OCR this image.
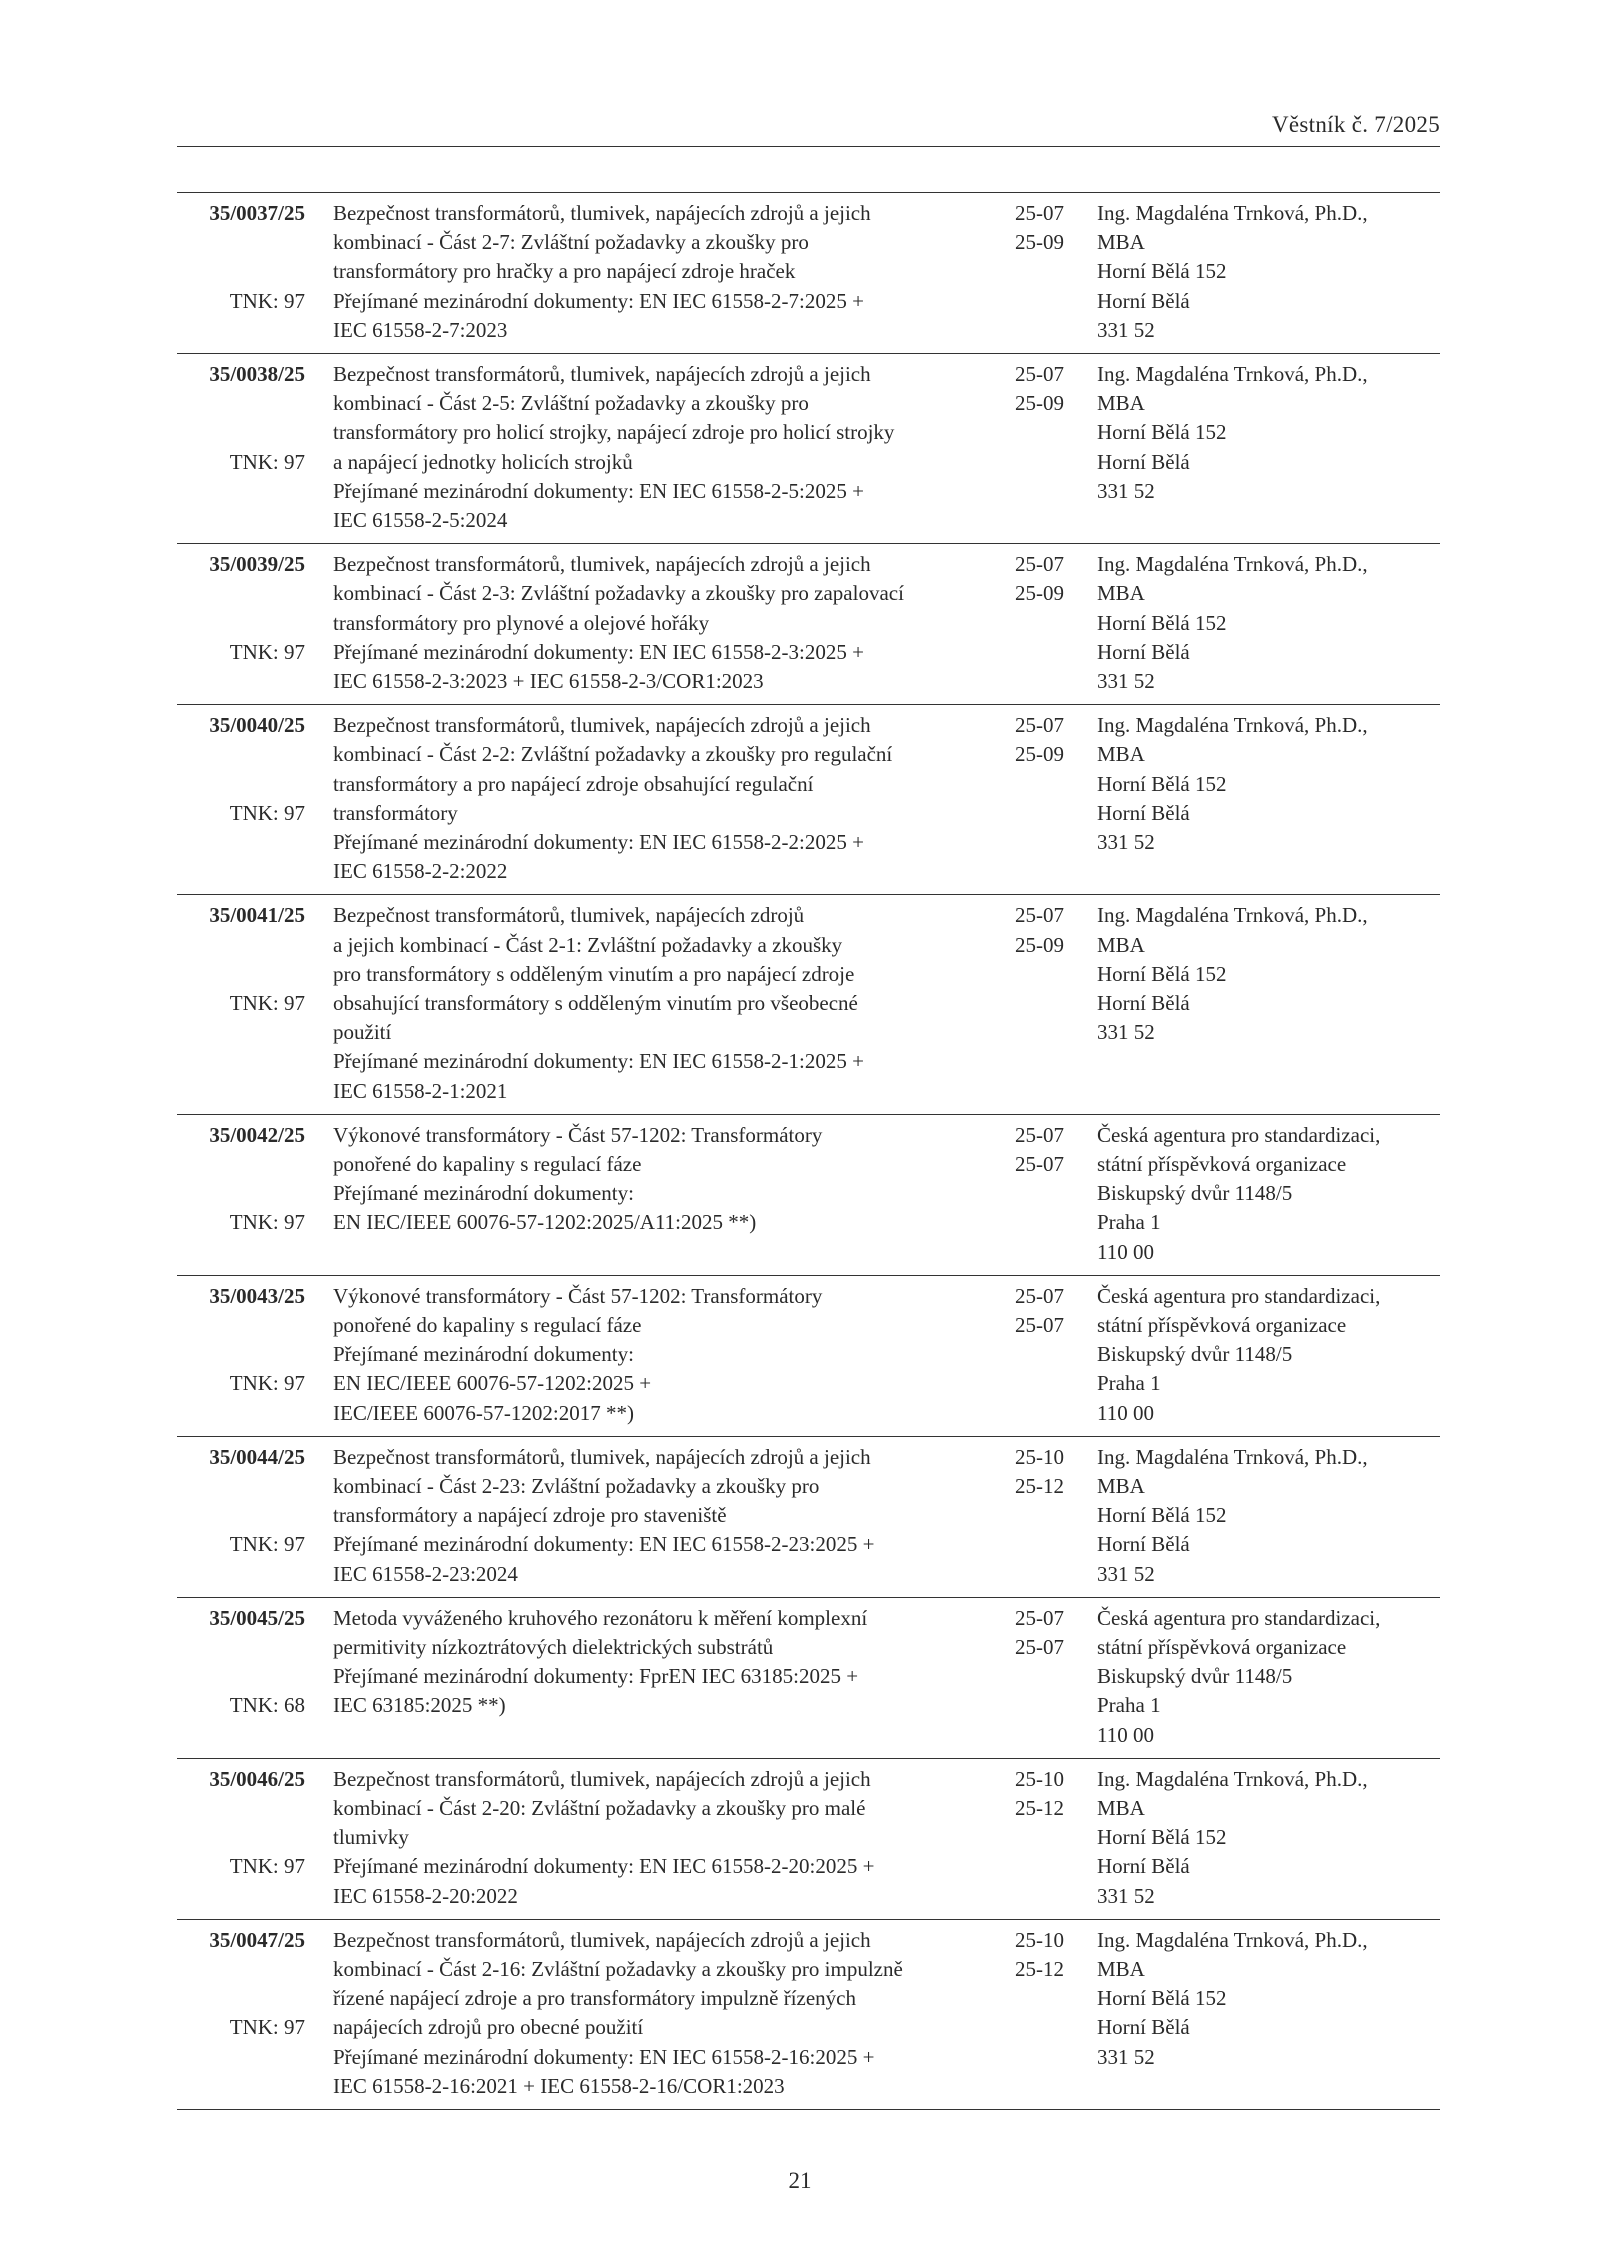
Věstník č. 7/2025
35/0037/25
TNK: 97
Bezpečnost transformátorů, tlumivek, napájecích zdrojů a jejich
kombinací - Část 2-7: Zvláštní požadavky a zkoušky pro
transformátory pro hračky a pro napájecí zdroje hraček
Přejímané mezinárodní dokumenty: EN IEC 61558-2-7:2025 +
IEC 61558-2-7:2023
25-07
25-09
Ing. Magdaléna Trnková, Ph.D.,
MBA
Horní Bělá 152
Horní Bělá
331 52
35/0038/25
TNK: 97
Bezpečnost transformátorů, tlumivek, napájecích zdrojů a jejich
kombinací - Část 2-5: Zvláštní požadavky a zkoušky pro
transformátory pro holicí strojky, napájecí zdroje pro holicí strojky
a napájecí jednotky holicích strojků
Přejímané mezinárodní dokumenty: EN IEC 61558-2-5:2025 +
IEC 61558-2-5:2024
25-07
25-09
Ing. Magdaléna Trnková, Ph.D.,
MBA
Horní Bělá 152
Horní Bělá
331 52
35/0039/25
TNK: 97
Bezpečnost transformátorů, tlumivek, napájecích zdrojů a jejich
kombinací - Část 2-3: Zvláštní požadavky a zkoušky pro zapalovací
transformátory pro plynové a olejové hořáky
Přejímané mezinárodní dokumenty: EN IEC 61558-2-3:2025 +
IEC 61558-2-3:2023 + IEC 61558-2-3/COR1:2023
25-07
25-09
Ing. Magdaléna Trnková, Ph.D.,
MBA
Horní Bělá 152
Horní Bělá
331 52
35/0040/25
TNK: 97
Bezpečnost transformátorů, tlumivek, napájecích zdrojů a jejich
kombinací - Část 2-2: Zvláštní požadavky a zkoušky pro regulační
transformátory a pro napájecí zdroje obsahující regulační
transformátory
Přejímané mezinárodní dokumenty: EN IEC 61558-2-2:2025 +
IEC 61558-2-2:2022
25-07
25-09
Ing. Magdaléna Trnková, Ph.D.,
MBA
Horní Bělá 152
Horní Bělá
331 52
35/0041/25
TNK: 97
Bezpečnost transformátorů, tlumivek, napájecích zdrojů
a jejich kombinací - Část 2-1: Zvláštní požadavky a zkoušky
pro transformátory s odděleným vinutím a pro napájecí zdroje
obsahující transformátory s odděleným vinutím pro všeobecné
použití
Přejímané mezinárodní dokumenty: EN IEC 61558-2-1:2025 +
IEC 61558-2-1:2021
25-07
25-09
Ing. Magdaléna Trnková, Ph.D.,
MBA
Horní Bělá 152
Horní Bělá
331 52
35/0042/25
TNK: 97
Výkonové transformátory - Část 57-1202: Transformátory
ponořené do kapaliny s regulací fáze
Přejímané mezinárodní dokumenty:
EN IEC/IEEE 60076-57-1202:2025/A11:2025 **)
25-07
25-07
Česká agentura pro standardizaci,
státní příspěvková organizace
Biskupský dvůr 1148/5
Praha 1
110 00
35/0043/25
TNK: 97
Výkonové transformátory - Část 57-1202: Transformátory
ponořené do kapaliny s regulací fáze
Přejímané mezinárodní dokumenty:
EN IEC/IEEE 60076-57-1202:2025 +
IEC/IEEE 60076-57-1202:2017 **)
25-07
25-07
Česká agentura pro standardizaci,
státní příspěvková organizace
Biskupský dvůr 1148/5
Praha 1
110 00
35/0044/25
TNK: 97
Bezpečnost transformátorů, tlumivek, napájecích zdrojů a jejich
kombinací - Část 2-23: Zvláštní požadavky a zkoušky pro
transformátory a napájecí zdroje pro staveniště
Přejímané mezinárodní dokumenty: EN IEC 61558-2-23:2025 +
IEC 61558-2-23:2024
25-10
25-12
Ing. Magdaléna Trnková, Ph.D.,
MBA
Horní Bělá 152
Horní Bělá
331 52
35/0045/25
TNK: 68
Metoda vyváženého kruhového rezonátoru k měření komplexní
permitivity nízkoztrátových dielektrických substrátů
Přejímané mezinárodní dokumenty: FprEN IEC 63185:2025 +
IEC 63185:2025 **)
25-07
25-07
Česká agentura pro standardizaci,
státní příspěvková organizace
Biskupský dvůr 1148/5
Praha 1
110 00
35/0046/25
TNK: 97
Bezpečnost transformátorů, tlumivek, napájecích zdrojů a jejich
kombinací - Část 2-20: Zvláštní požadavky a zkoušky pro malé
tlumivky
Přejímané mezinárodní dokumenty: EN IEC 61558-2-20:2025 +
IEC 61558-2-20:2022
25-10
25-12
Ing. Magdaléna Trnková, Ph.D.,
MBA
Horní Bělá 152
Horní Bělá
331 52
35/0047/25
TNK: 97
Bezpečnost transformátorů, tlumivek, napájecích zdrojů a jejich
kombinací - Část 2-16: Zvláštní požadavky a zkoušky pro impulzně
řízené napájecí zdroje a pro transformátory impulzně řízených
napájecích zdrojů pro obecné použití
Přejímané mezinárodní dokumenty: EN IEC 61558-2-16:2025 +
IEC 61558-2-16:2021 + IEC 61558-2-16/COR1:2023
25-10
25-12
Ing. Magdaléna Trnková, Ph.D.,
MBA
Horní Bělá 152
Horní Bělá
331 52
21
